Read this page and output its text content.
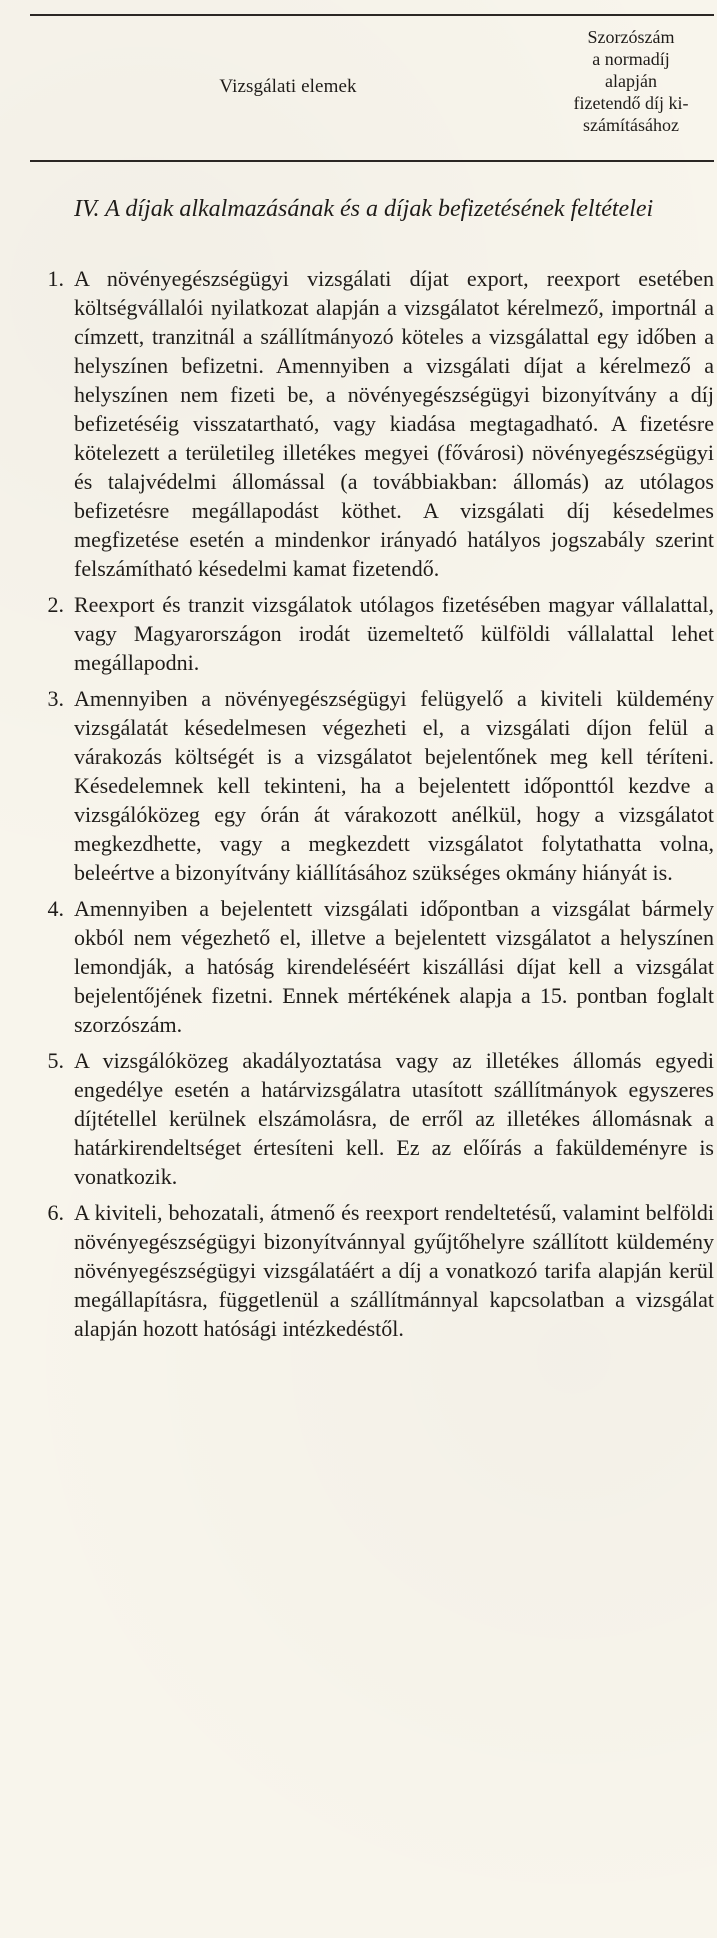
Vizsgálati elemek
Szorzószám
a normadíj
alapján
fizetendő díj ki-
számításához

IV. A díjak alkalmazásának és a díjak befizetésének feltételei

1. A növényegészségügyi vizsgálati díjat export, reexport esetében költségvállalói nyilatkozat alapján a vizsgálatot kérelmező, importnál a címzett, tranzitnál a szállítmányozó köteles a vizsgálattal egy időben a helyszínen befizetni. Amennyiben a vizsgálati díjat a kérelmező a helyszínen nem fizeti be, a növényegészségügyi bizonyítvány a díj befizetéséig visszatartható, vagy kiadása megtagadható. A fizetésre kötelezett a területileg illetékes megyei (fővárosi) növényegészségügyi és talajvédelmi állomással (a továbbiakban: állomás) az utólagos befizetésre megállapodást köthet. A vizsgálati díj késedelmes megfizetése esetén a mindenkor irányadó hatályos jogszabály szerint felszámítható késedelmi kamat fizetendő.

2. Reexport és tranzit vizsgálatok utólagos fizetésében magyar vállalattal, vagy Magyarországon irodát üzemeltető külföldi vállalattal lehet megállapodni.

3. Amennyiben a növényegészségügyi felügyelő a kiviteli küldemény vizsgálatát késedelmesen végezheti el, a vizsgálati díjon felül a várakozás költségét is a vizsgálatot bejelentőnek meg kell téríteni. Késedelemnek kell tekinteni, ha a bejelentett időponttól kezdve a vizsgálóközeg egy órán át várakozott anélkül, hogy a vizsgálatot megkezdhette, vagy a megkezdett vizsgálatot folytathatta volna, beleértve a bizonyítvány kiállításához szükséges okmány hiányát is.

4. Amennyiben a bejelentett vizsgálati időpontban a vizsgálat bármely okból nem végezhető el, illetve a bejelentett vizsgálatot a helyszínen lemondják, a hatóság kirendeléséért kiszállási díjat kell a vizsgálat bejelentőjének fizetni. Ennek mértékének alapja a 15. pontban foglalt szorzószám.

5. A vizsgálóközeg akadályoztatása vagy az illetékes állomás egyedi engedélye esetén a határvizsgálatra utasított szállítmányok egyszeres díjtétellel kerülnek elszámolásra, de erről az illetékes állomásnak a határkirendeltséget értesíteni kell. Ez az előírás a faküldeményre is vonatkozik.

6. A kiviteli, behozatali, átmenő és reexport rendeltetésű, valamint belföldi növényegészségügyi bizonyítvánnyal gyűjtőhelyre szállított küldemény növényegészségügyi vizsgálatáért a díj a vonatkozó tarifa alapján kerül megállapításra, függetlenül a szállítmánnyal kapcsolatban a vizsgálat alapján hozott hatósági intézkedéstől.
